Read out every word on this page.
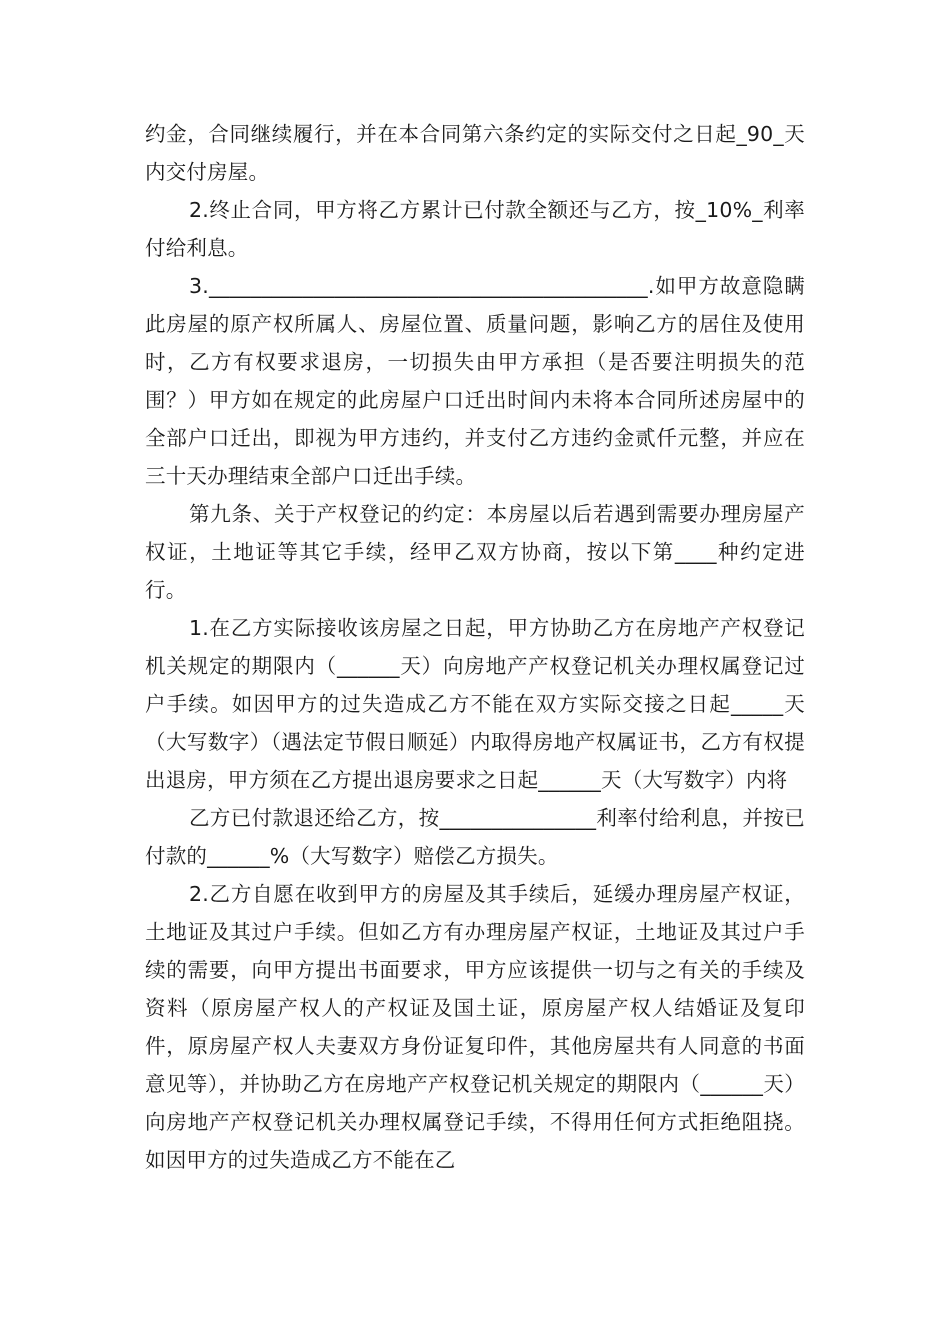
约金，合同继续履行，并在本合同第六条约定的实际交付之日起_90_天内交付房屋。

2.终止合同，甲方将乙方累计已付款全额还与乙方，按_10%_利率付给利息。

3.__________________________________________.如甲方故意隐瞒此房屋的原产权所属人、房屋位置、质量问题，影响乙方的居住及使用时，乙方有权要求退房，一切损失由甲方承担（是否要注明损失的范围？）甲方如在规定的此房屋户口迁出时间内未将本合同所述房屋中的全部户口迁出，即视为甲方违约，并支付乙方违约金贰仟元整，并应在三十天办理结束全部户口迁出手续。

第九条、关于产权登记的约定：本房屋以后若遇到需要办理房屋产权证，土地证等其它手续，经甲乙双方协商，按以下第____种约定进行。

1.在乙方实际接收该房屋之日起，甲方协助乙方在房地产产权登记机关规定的期限内（______天）向房地产产权登记机关办理权属登记过户手续。如因甲方的过失造成乙方不能在双方实际交接之日起_____天（大写数字）（遇法定节假日顺延）内取得房地产权属证书，乙方有权提出退房，甲方须在乙方提出退房要求之日起______天（大写数字）内将

乙方已付款退还给乙方，按_______________利率付给利息，并按已付款的______%（大写数字）赔偿乙方损失。

2.乙方自愿在收到甲方的房屋及其手续后，延缓办理房屋产权证，土地证及其过户手续。但如乙方有办理房屋产权证，土地证及其过户手续的需要，向甲方提出书面要求，甲方应该提供一切与之有关的手续及资料（原房屋产权人的产权证及国土证，原房屋产权人结婚证及复印件，原房屋产权人夫妻双方身份证复印件，其他房屋共有人同意的书面意见等），并协助乙方在房地产产权登记机关规定的期限内（______天）向房地产产权登记机关办理权属登记手续，不得用任何方式拒绝阻挠。如因甲方的过失造成乙方不能在乙
